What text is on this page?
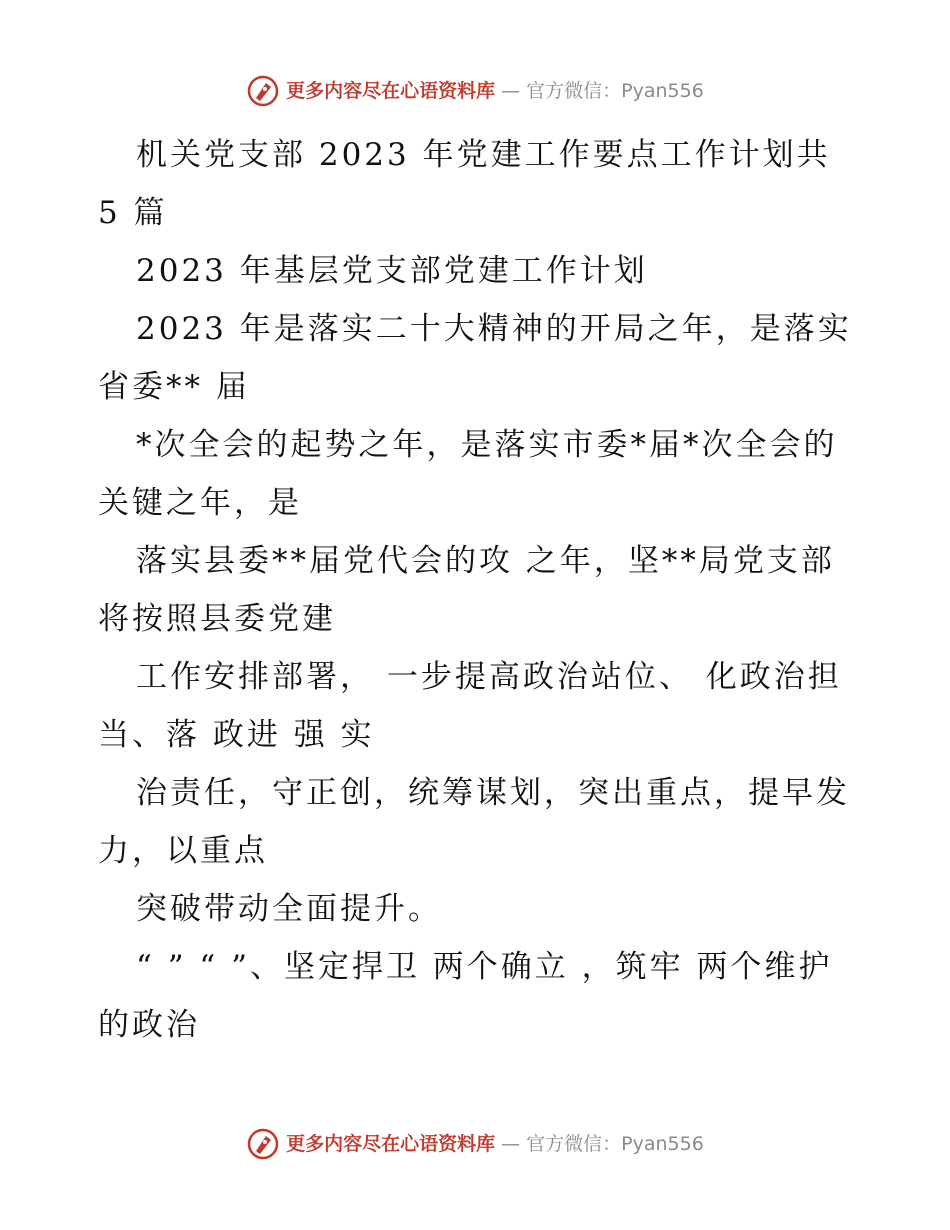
更多内容尽在心语资料库 — 官方微信：Pyan556

机关党支部 2023 年党建工作要点工作计划共 5 篇

2023 年基层党支部党建工作计划

2023 年是落实二十大精神的开局之年，是落实省委** 届

*次全会的起势之年，是落实市委*届*次全会的关键之年，是

落实县委**届党代会的攻 之年，坚**局党支部将按照县委党建

工作安排部署， 一步提高政治站位、 化政治担当、落 政进 强 实

治责任，守正创，统筹谋划，突出重点，提早发力，以重点

突破带动全面提升。

“ ” “ ”、坚定捍卫 两个确立 ，筑牢 两个维护 的政治

更多内容尽在心语资料库 — 官方微信：Pyan556
